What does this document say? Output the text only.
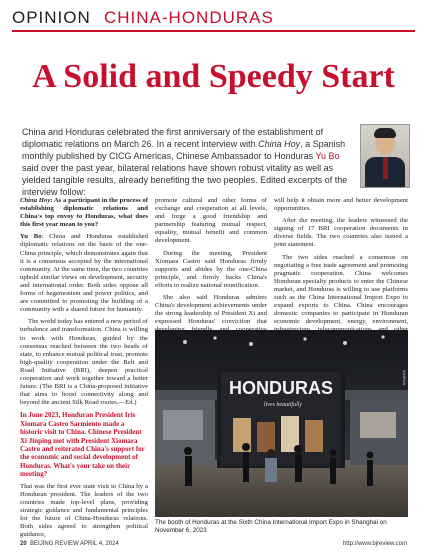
OPINION CHINA-HONDURAS
A Solid and Speedy Start
China and Honduras celebrated the first anniversary of the establishment of diplomatic relations on March 26. In a recent interview with China Hoy, a Spanish monthly published by CICG Americas, Chinese Ambassador to Honduras Yu Bo said over the past year, bilateral relations have shown robust vitality as well as yielded tangible results, already benefiting the two peoples. Edited excerpts of the interview follow:

China Hoy: As a participant in the process of establishing diplomatic relations and China's top envoy to Honduras, what does this first year mean to you?

Yu Bo: China and Honduras established diplomatic relations on the basis of the one-China principle, which demonstrates again that it is a consensus accepted by the international community. At the same time, the two countries uphold similar views on development, security and international order. Both sides oppose all forms of hegemonism and power politics, and are committed to promoting the building of a community with a shared future for humanity.

The world today has entered a new period of turbulence and transformation. China is willing to work with Honduras, guided by the consensus reached between the two heads of state, to enhance mutual political trust, promote high-quality cooperation under the Belt and Road Initiative (BRI), deepen practical cooperation and work together toward a better future. (The BRI is a China-proposed initiative that aims to boost connectivity along and beyond the ancient Silk Road routes.—Ed.)

In June 2023, Honduran President Iris Xiomara Castro Sarmiento made a historic visit to China. Chinese President Xi Jinping met with President Xiomara Castro and reiterated China's support for the economic and social development of Honduras. What's your take on their meeting?

That was the first ever state visit to China by a Honduran president. The leaders of the two countries made top-level plans, providing strategic guidance and fundamental principles for the future of China-Honduras relations. Both sides agreed to strengthen political guidance,

promote cultural and other forms of exchange and cooperation at all levels, and forge a good friendship and partnership featuring mutual respect, equality, mutual benefit and common development.

During the meeting, President Xiomara Castro said Honduras firmly supports and abides by the one-China principle, and firmly backs China's efforts to realize national reunification.

She also said Honduras admires China's development achievements under the strong leadership of President Xi and expressed Honduras' conviction that

will help it obtain more and better development opportunities.

After the meeting, the leaders witnessed the signing of 17 BRI cooperation documents in diverse fields. The two countries also issued a joint statement.

The two sides reached a consensus on negotiating a free trade agreement and promoting pragmatic cooperation. China welcomes Honduran specialty products to enter the Chinese market, and Honduras is willing to use platforms such as the China International Import Expo to expand exports to China. China encourages domestic companies to participate in Honduran economic development, energy, environment,

HONDURAS
lives beautifully
XINHUA
The booth of Honduras at the Sixth China International Import Expo in Shanghai on November 6, 2023
20 BEIJING REVIEW APRIL 4, 2024	http://www.bjreview.com
